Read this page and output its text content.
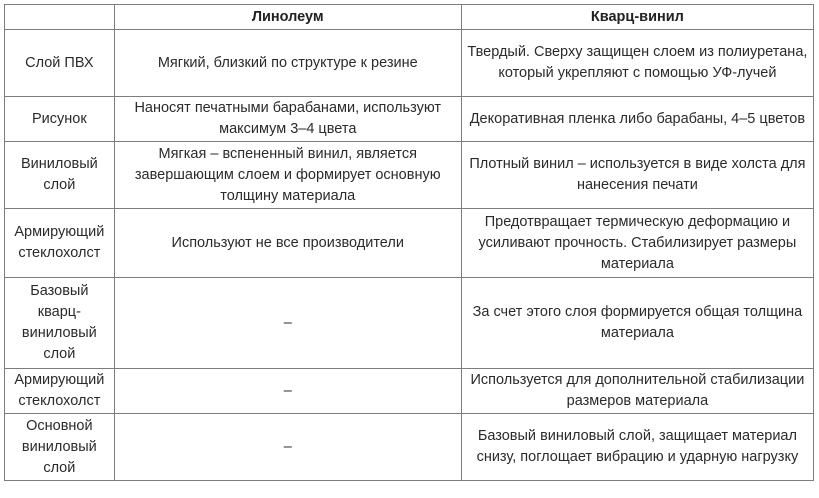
	Линолеум	Кварц-винил
Слой ПВХ	Мягкий, близкий по структуре к резине	Твердый. Сверху защищен слоем из полиуретана, который укрепляют с помощью УФ-лучей
Рисунок	Наносят печатными барабанами, используют максимум 3–4 цвета	Декоративная пленка либо барабаны, 4–5 цветов
Виниловый слой	Мягкая – вспененный винил, является завершающим слоем и формирует основную толщину материала	Плотный винил – используется в виде холста для нанесения печати
Армирующий стеклохолст	Используют не все производители	Предотвращает термическую деформацию и усиливают прочность. Стабилизирует размеры материала
Базовый кварц-виниловый слой	–	За счет этого слоя формируется общая толщина материала
Армирующий стеклохолст	–	Используется для дополнительной стабилизации размеров материала
Основной виниловый слой	–	Базовый виниловый слой, защищает материал снизу, поглощает вибрацию и ударную нагрузку
